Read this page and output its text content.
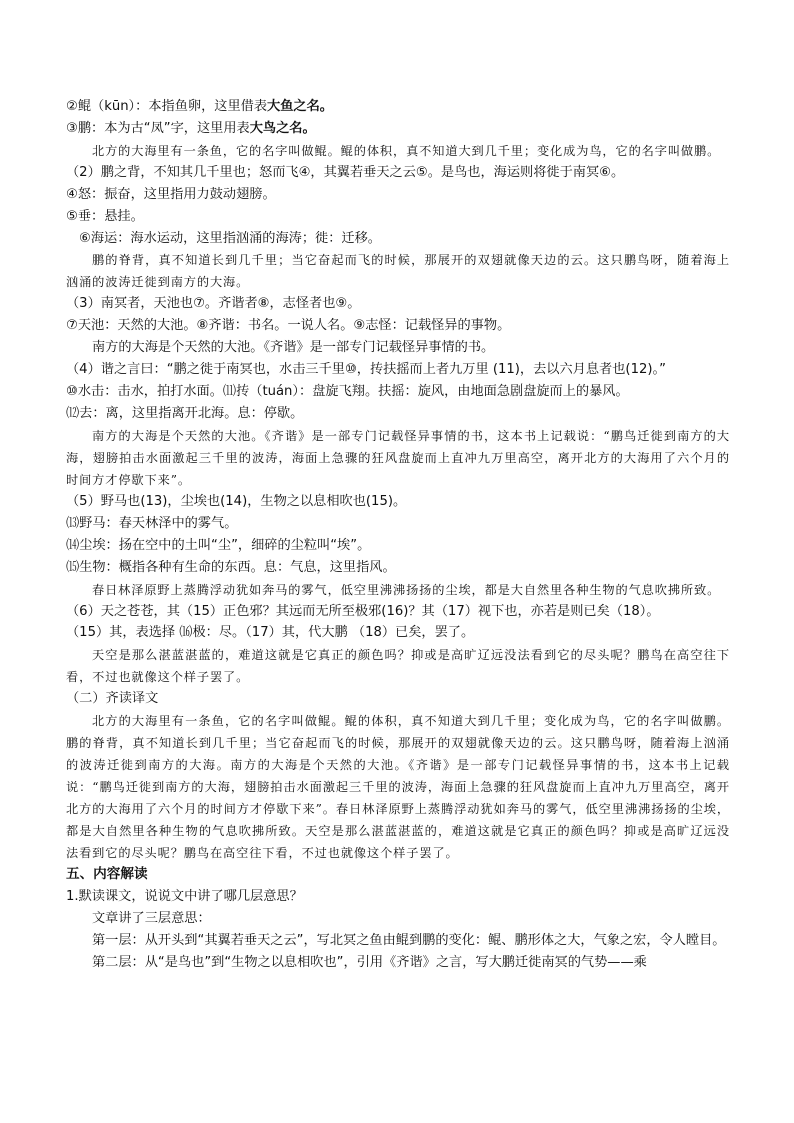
②鲲（kūn）：本指鱼卵，这里借表大鱼之名。
③鹏：本为古“凤”字，这里用表大鸟之名。
北方的大海里有一条鱼，它的名字叫做鲲。鲲的体积，真不知道大到几千里；变化成为鸟，它的名字叫做鹏。
（2）鹏之背，不知其几千里也；怒而飞④，其翼若垂天之云⑤。是鸟也，海运则将徙于南冥⑥。
④怒：振奋，这里指用力鼓动翅膀。
⑤垂：悬挂。
⑥海运：海水运动，这里指汹涌的海涛；徙：迁移。
鹏的脊背，真不知道长到几千里；当它奋起而飞的时候，那展开的双翅就像天边的云。这只鹏鸟呀，随着海上汹涌的波涛迁徙到南方的大海。
（3）南冥者，天池也⑦。齐谐者⑧，志怪者也⑨。
⑦天池：天然的大池。⑧齐谐：书名。一说人名。⑨志怪：记载怪异的事物。
南方的大海是个天然的大池。《齐谐》是一部专门记载怪异事情的书。
（4）谐之言曰：“鹏之徙于南冥也，水击三千里⑩，抟扶摇而上者九万里 (11)，去以六月息者也(12)。”
⑩水击：击水，拍打水面。⑾抟（tuán）：盘旋飞翔。扶摇：旋风，由地面急剧盘旋而上的暴风。
⑿去：离，这里指离开北海。息：停歇。
南方的大海是个天然的大池。《齐谐》是一部专门记载怪异事情的书，这本书上记载说：“鹏鸟迁徙到南方的大海，翅膀拍击水面激起三千里的波涛，海面上急骤的狂风盘旋而上直冲九万里高空，离开北方的大海用了六个月的时间方才停歇下来”。
（5）野马也(13)，尘埃也(14)，生物之以息相吹也(15)。
⒀野马：春天林泽中的雾气。
⒁尘埃：扬在空中的土叫“尘”，细碎的尘粒叫“埃”。
⒂生物：概指各种有生命的东西。息：气息，这里指风。
春日林泽原野上蒸腾浮动犹如奔马的雾气，低空里沸沸扬扬的尘埃，都是大自然里各种生物的气息吹拂所致。
（6）天之苍苍，其（15）正色邪？其远而无所至极邪(16)？其（17）视下也，亦若是则已矣（18）。
（15）其，表选择 ⒃极：尽。（17）其，代大鹏 （18）已矣，罢了。
天空是那么湛蓝湛蓝的，难道这就是它真正的颜色吗？抑或是高旷辽远没法看到它的尽头呢？鹏鸟在高空往下看，不过也就像这个样子罢了。
（二）齐读译文
北方的大海里有一条鱼，它的名字叫做鲲。鲲的体积，真不知道大到几千里；变化成为鸟，它的名字叫做鹏。鹏的脊背，真不知道长到几千里；当它奋起而飞的时候，那展开的双翅就像天边的云。这只鹏鸟呀，随着海上汹涌的波涛迁徙到南方的大海。南方的大海是个天然的大池。《齐谐》是一部专门记载怪异事情的书，这本书上记载说：“鹏鸟迁徙到南方的大海，翅膀拍击水面激起三千里的波涛，海面上急骤的狂风盘旋而上直冲九万里高空，离开北方的大海用了六个月的时间方才停歇下来”。春日林泽原野上蒸腾浮动犹如奔马的雾气，低空里沸沸扬扬的尘埃，都是大自然里各种生物的气息吹拂所致。天空是那么湛蓝湛蓝的，难道这就是它真正的颜色吗？抑或是高旷辽远没法看到它的尽头呢？鹏鸟在高空往下看，不过也就像这个样子罢了。
五、内容解读
1.默读课文，说说文中讲了哪几层意思？
文章讲了三层意思：
第一层：从开头到“其翼若垂天之云”，写北冥之鱼由鲲到鹏的变化：鲲、鹏形体之大，气象之宏，令人瞠目。
第二层：从“是鸟也”到“生物之以息相吹也”，引用《齐谐》之言，写大鹏迁徙南冥的气势——乘
